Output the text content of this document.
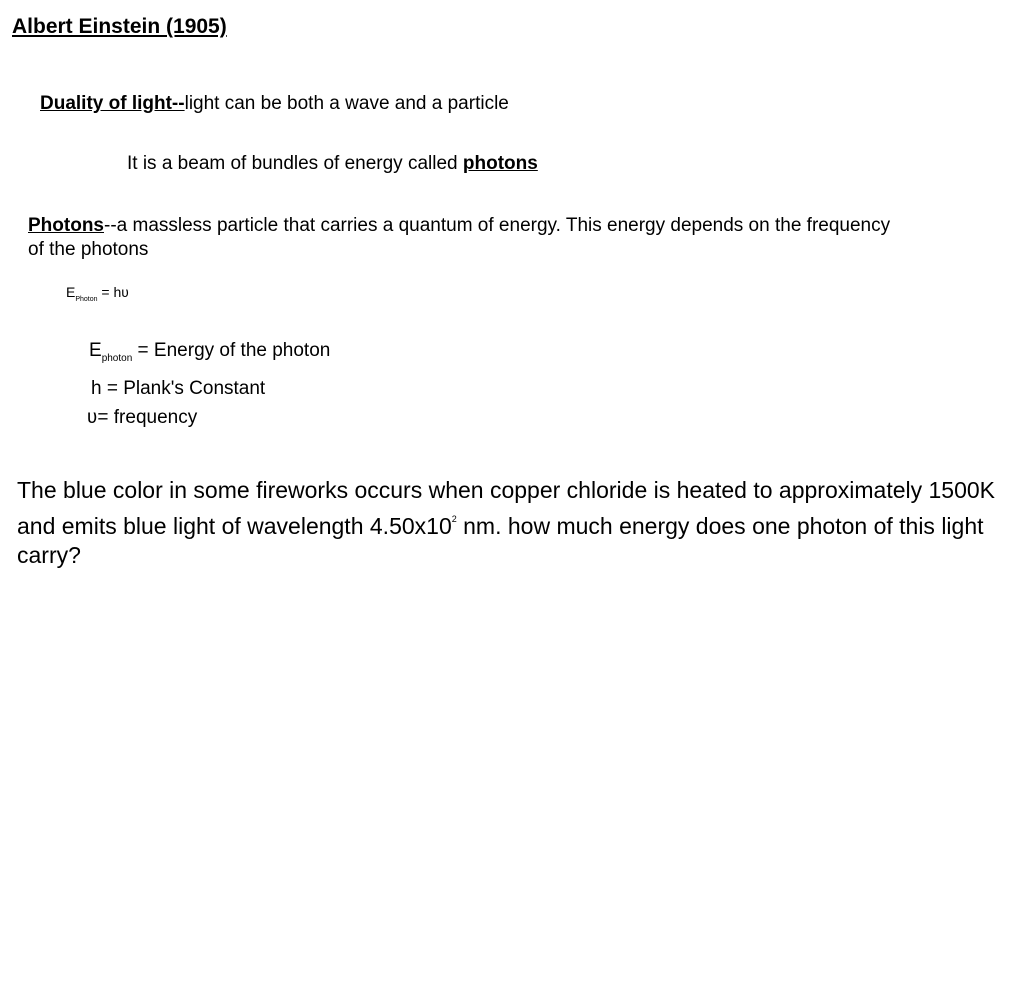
Albert Einstein (1905)
Duality of light--light can be both a wave and a particle
It is a beam of bundles of energy called photons
Photons--a massless particle that carries a quantum of energy. This energy depends on the frequency of the photons
$E_{Photon}$ = hʋ
$E_{photon}$ = Energy of the photon
h = Plank's Constant
ʋ= frequency
The blue color in some fireworks occurs when copper chloride is heated to approximately 1500K and emits blue light of wavelength $4.50x10^2$ nm. how much energy does one photon of this light carry?
